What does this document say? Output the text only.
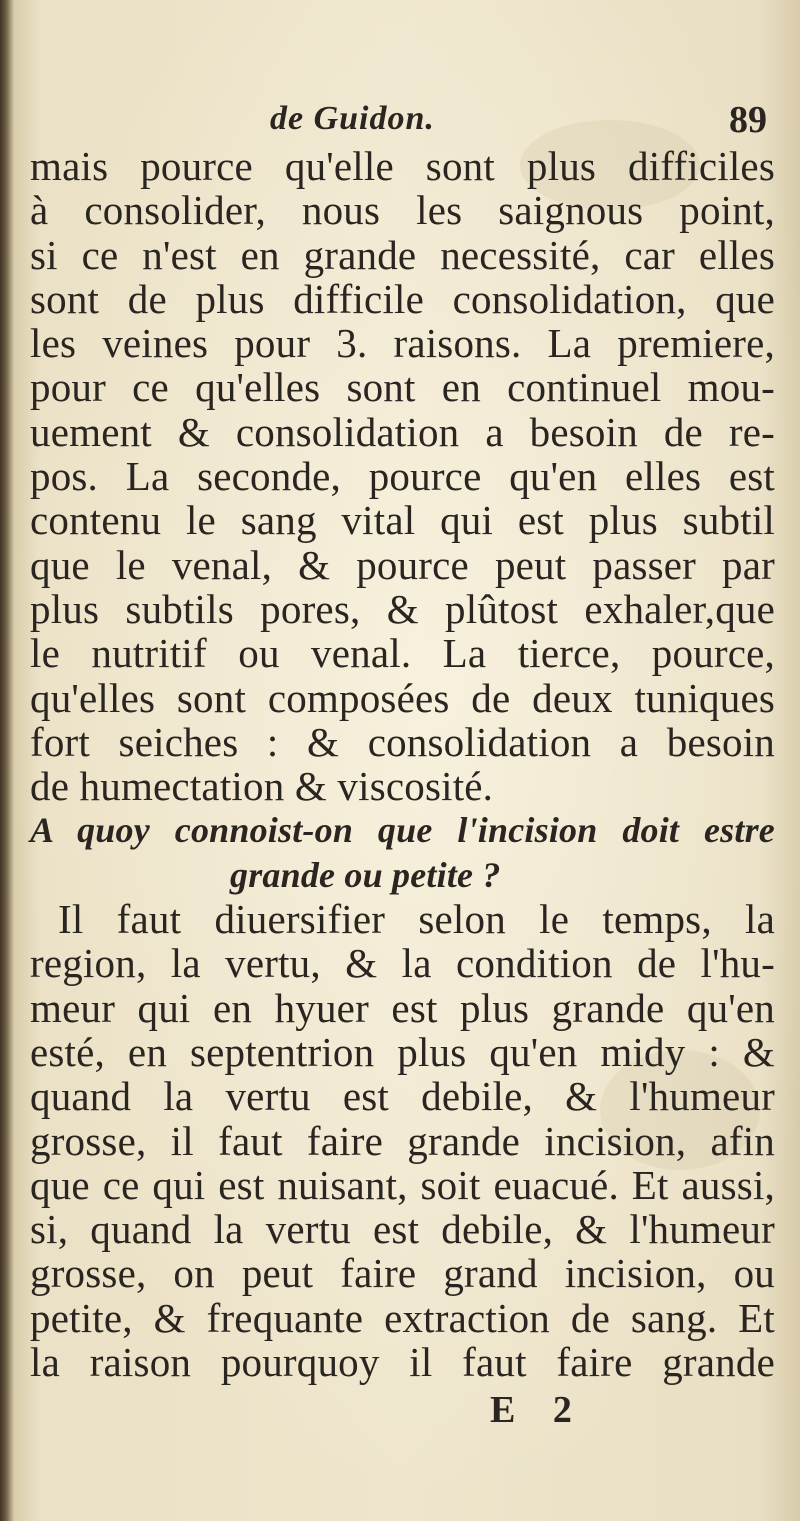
de Guidon.	89
mais pource qu'elle sont plus difficiles
à consolider, nous les saignous point,
si ce n'est en grande necessité, car elles
sont de plus difficile consolidation, que
les veines pour 3. raisons. La premiere,
pour ce qu'elles sont en continuel mou-
uement & consolidation a besoin de re-
pos. La seconde, pource qu'en elles est
contenu le sang vital qui est plus subtil
que le venal, & pource peut passer par
plus subtils pores, & plûtost exhaler,que
le nutritif ou venal. La tierce, pource,
qu'elles sont composées de deux tuniques
fort seiches : & consolidation a besoin
de humectation & viscosité.
A quoy connoist-on que l'incision doit estre
grande ou petite ?
Il faut diuersifier selon le temps, la
region, la vertu, & la condition de l'hu-
meur qui en hyuer est plus grande qu'en
esté, en septentrion plus qu'en midy : &
quand la vertu est debile, & l'humeur
grosse, il faut faire grande incision, afin
que ce qui est nuisant, soit euacué. Et aussi,
si, quand la vertu est debile, & l'humeur
grosse, on peut faire grand incision, ou
petite, & frequante extraction de sang. Et
la raison pourquoy il faut faire grande
E 2
